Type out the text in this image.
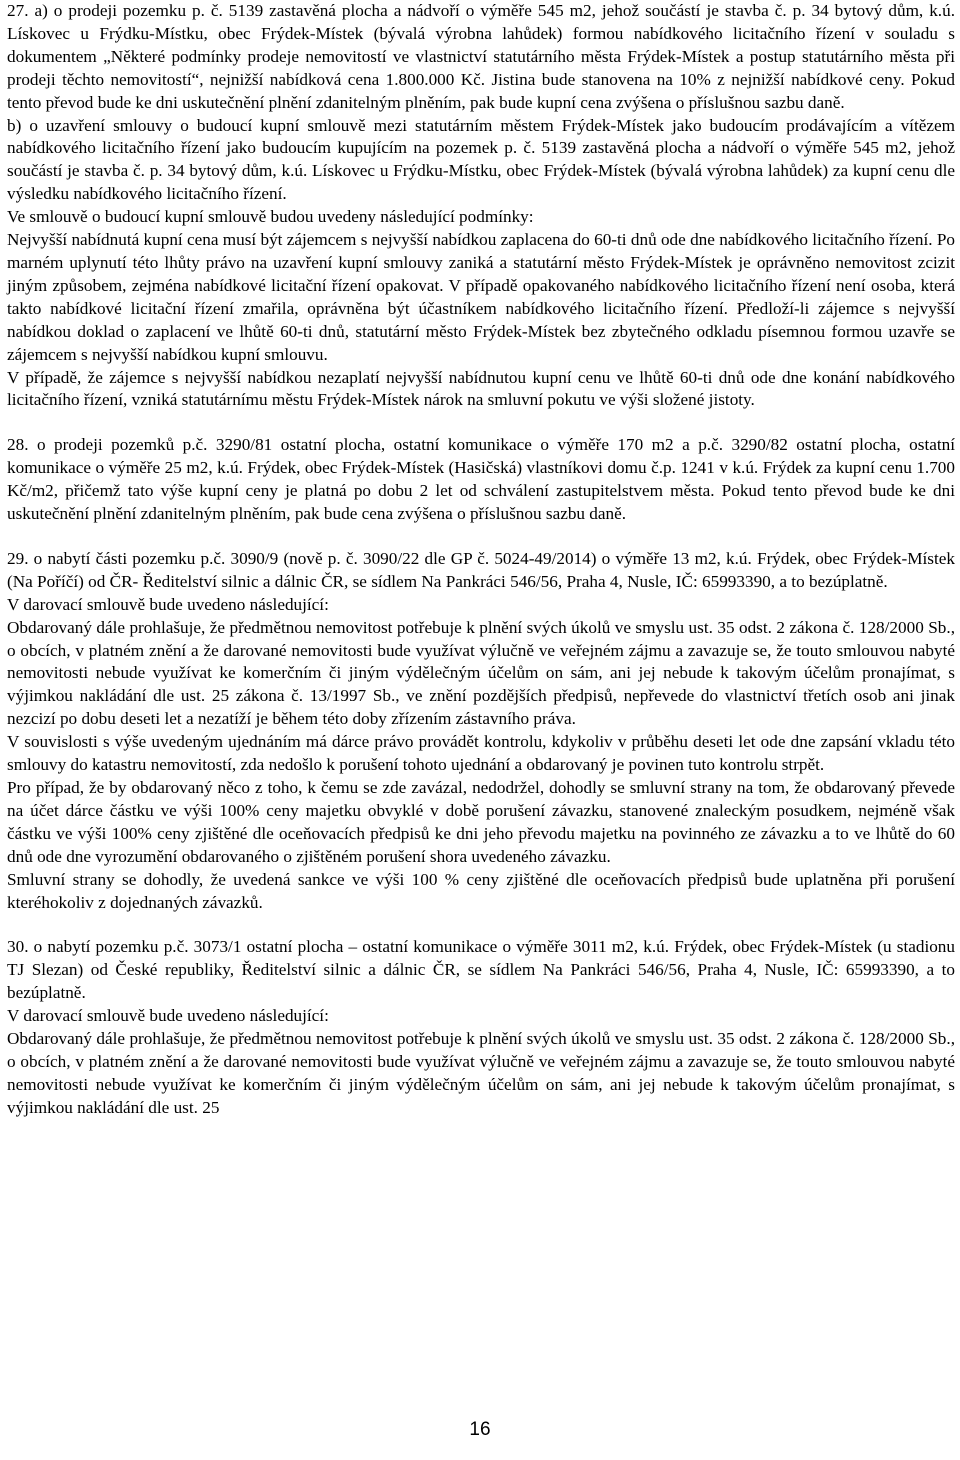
27. a) o prodeji pozemku p. č. 5139 zastavěná plocha a nádvoří o výměře 545 m2, jehož součástí je stavba č. p. 34 bytový dům, k.ú. Lískovec u Frýdku-Místku, obec Frýdek-Místek (bývalá výrobna lahůdek) formou nabídkového licitačního řízení v souladu s dokumentem „Některé podmínky prodeje nemovitostí ve vlastnictví statutárního města Frýdek-Místek a postup statutárního města při prodeji těchto nemovitostí“, nejnižší nabídková cena 1.800.000 Kč. Jistina bude stanovena na 10% z nejnižší nabídkové ceny. Pokud tento převod bude ke dni uskutečnění plnění zdanitelným plněním, pak bude kupní cena zvýšena o příslušnou sazbu daně.

b) o uzavření smlouvy o budoucí kupní smlouvě mezi statutárním městem Frýdek-Místek jako budoucím prodávajícím a vítězem nabídkového licitačního řízení jako budoucím kupujícím na pozemek p. č. 5139 zastavěná plocha a nádvoří o výměře 545 m2, jehož součástí je stavba č. p. 34 bytový dům, k.ú. Lískovec u Frýdku-Místku, obec Frýdek-Místek (bývalá výrobna lahůdek) za kupní cenu dle výsledku nabídkového licitačního řízení.

Ve smlouvě o budoucí kupní smlouvě budou uvedeny následující podmínky:

Nejvyšší nabídnutá kupní cena musí být zájemcem s nejvyšší nabídkou zaplacena do 60-ti dnů ode dne nabídkového licitačního řízení. Po marném uplynutí této lhůty právo na uzavření kupní smlouvy zaniká a statutární město Frýdek-Místek je oprávněno nemovitost zcizit jiným způsobem, zejména nabídkové licitační řízení opakovat. V případě opakovaného nabídkového licitačního řízení není osoba, která takto nabídkové licitační řízení zmařila, oprávněna být účastníkem nabídkového licitačního řízení. Předloží-li zájemce s nejvyšší nabídkou doklad o zaplacení ve lhůtě 60-ti dnů, statutární město Frýdek-Místek bez zbytečného odkladu písemnou formou uzavře se zájemcem s nejvyšší nabídkou kupní smlouvu.

V případě, že zájemce s nejvyšší nabídkou nezaplatí nejvyšší nabídnutou kupní cenu ve lhůtě 60-ti dnů ode dne konání nabídkového licitačního řízení, vzniká statutárnímu městu Frýdek-Místek nárok na smluvní pokutu ve výši složené jistoty.

28. o prodeji pozemků p.č. 3290/81 ostatní plocha, ostatní komunikace o výměře 170 m2 a p.č. 3290/82 ostatní plocha, ostatní komunikace o výměře 25 m2, k.ú. Frýdek, obec Frýdek-Místek (Hasičská) vlastníkovi domu č.p. 1241 v k.ú. Frýdek za kupní cenu 1.700 Kč/m2, přičemž tato výše kupní ceny je platná po dobu 2 let od schválení zastupitelstvem města. Pokud tento převod bude ke dni uskutečnění plnění zdanitelným plněním, pak bude cena zvýšena o příslušnou sazbu daně.

29. o nabytí části pozemku p.č. 3090/9 (nově p. č. 3090/22 dle GP č. 5024-49/2014) o výměře 13 m2, k.ú. Frýdek, obec Frýdek-Místek (Na Poříčí) od ČR- Ředitelství silnic a dálnic ČR, se sídlem Na Pankráci 546/56, Praha 4, Nusle, IČ: 65993390, a to bezúplatně.

V darovací smlouvě bude uvedeno následující:

Obdarovaný dále prohlašuje, že předmětnou nemovitost potřebuje k plnění svých úkolů ve smyslu ust. 35 odst. 2 zákona č. 128/2000 Sb., o obcích, v platném znění a že darované nemovitosti bude využívat výlučně ve veřejném zájmu a zavazuje se, že touto smlouvou nabyté nemovitosti nebude využívat ke komerčním či jiným výdělečným účelům on sám, ani jej nebude k takovým účelům pronajímat, s výjimkou nakládání dle ust. 25 zákona č. 13/1997 Sb., ve znění pozdějších předpisů, nepřevede do vlastnictví třetích osob ani jinak nezcizí po dobu deseti let a nezatíží je během této doby zřízením zástavního práva.

V souvislosti s výše uvedeným ujednáním má dárce právo provádět kontrolu, kdykoliv v průběhu deseti let ode dne zapsání vkladu této smlouvy do katastru nemovitostí, zda nedošlo k porušení tohoto ujednání a obdarovaný je povinen tuto kontrolu strpět.

Pro případ, že by obdarovaný něco z toho, k čemu se zde zavázal, nedodržel, dohodly se smluvní strany na tom, že obdarovaný převede na účet dárce částku ve výši 100% ceny majetku obvyklé v době porušení závazku, stanovené znaleckým posudkem, nejméně však částku ve výši 100% ceny zjištěné dle oceňovacích předpisů ke dni jeho převodu majetku na povinného ze závazku a to ve lhůtě do 60 dnů ode dne vyrozumění obdarovaného o zjištěném porušení shora uvedeného závazku.

Smluvní strany se dohodly, že uvedená sankce ve výši 100 % ceny zjištěné dle oceňovacích předpisů bude uplatněna při porušení kteréhokoliv z dojednaných závazků.

30. o nabytí pozemku p.č. 3073/1 ostatní plocha – ostatní komunikace o výměře 3011 m2, k.ú. Frýdek, obec Frýdek-Místek (u stadionu TJ Slezan) od České republiky, Ředitelství silnic a dálnic ČR, se sídlem Na Pankráci 546/56, Praha 4, Nusle, IČ: 65993390, a to bezúplatně.

V darovací smlouvě bude uvedeno následující:

Obdarovaný dále prohlašuje, že předmětnou nemovitost potřebuje k plnění svých úkolů ve smyslu ust. 35 odst. 2 zákona č. 128/2000 Sb., o obcích, v platném znění a že darované nemovitosti bude využívat výlučně ve veřejném zájmu a zavazuje se, že touto smlouvou nabyté nemovitosti nebude využívat ke komerčním či jiným výdělečným účelům on sám, ani jej nebude k takovým účelům pronajímat, s výjimkou nakládání dle ust. 25

16
